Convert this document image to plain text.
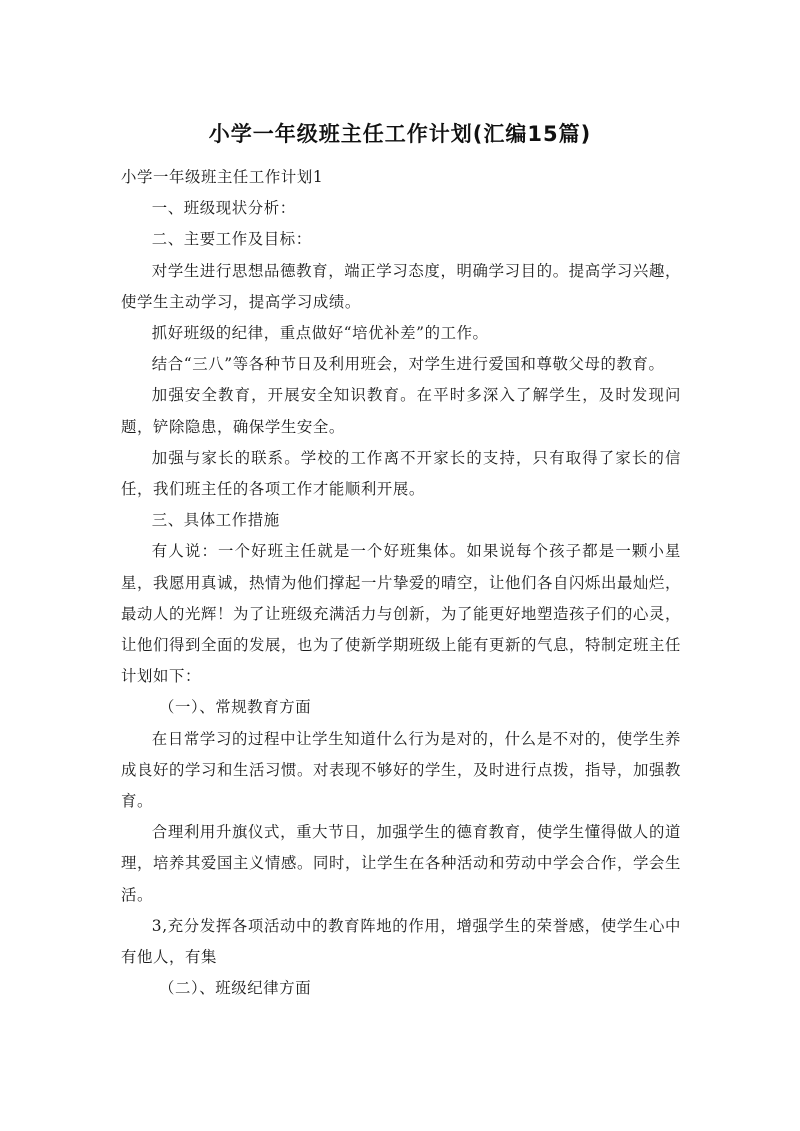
小学一年级班主任工作计划(汇编15篇)

小学一年级班主任工作计划1

一、班级现状分析：

二、主要工作及目标：

对学生进行思想品德教育，端正学习态度，明确学习目的。提高学习兴趣，使学生主动学习，提高学习成绩。

抓好班级的纪律，重点做好“培优补差”的工作。

结合“三八”等各种节日及利用班会，对学生进行爱国和尊敬父母的教育。

加强安全教育，开展安全知识教育。在平时多深入了解学生，及时发现问题，铲除隐患，确保学生安全。

加强与家长的联系。学校的工作离不开家长的支持，只有取得了家长的信任，我们班主任的各项工作才能顺利开展。

三、具体工作措施

有人说：一个好班主任就是一个好班集体。如果说每个孩子都是一颗小星星，我愿用真诚，热情为他们撑起一片挚爱的晴空，让他们各自闪烁出最灿烂，最动人的光辉！为了让班级充满活力与创新，为了能更好地塑造孩子们的心灵，让他们得到全面的发展，也为了使新学期班级上能有更新的气息，特制定班主任计划如下：

（一）、常规教育方面

在日常学习的过程中让学生知道什么行为是对的，什么是不对的，使学生养成良好的学习和生活习惯。对表现不够好的学生，及时进行点拨，指导，加强教育。

合理利用升旗仪式，重大节日，加强学生的德育教育，使学生懂得做人的道理，培养其爱国主义情感。同时，让学生在各种活动和劳动中学会合作，学会生活。

3,充分发挥各项活动中的教育阵地的作用，增强学生的荣誉感，使学生心中有他人，有集

（二）、班级纪律方面
